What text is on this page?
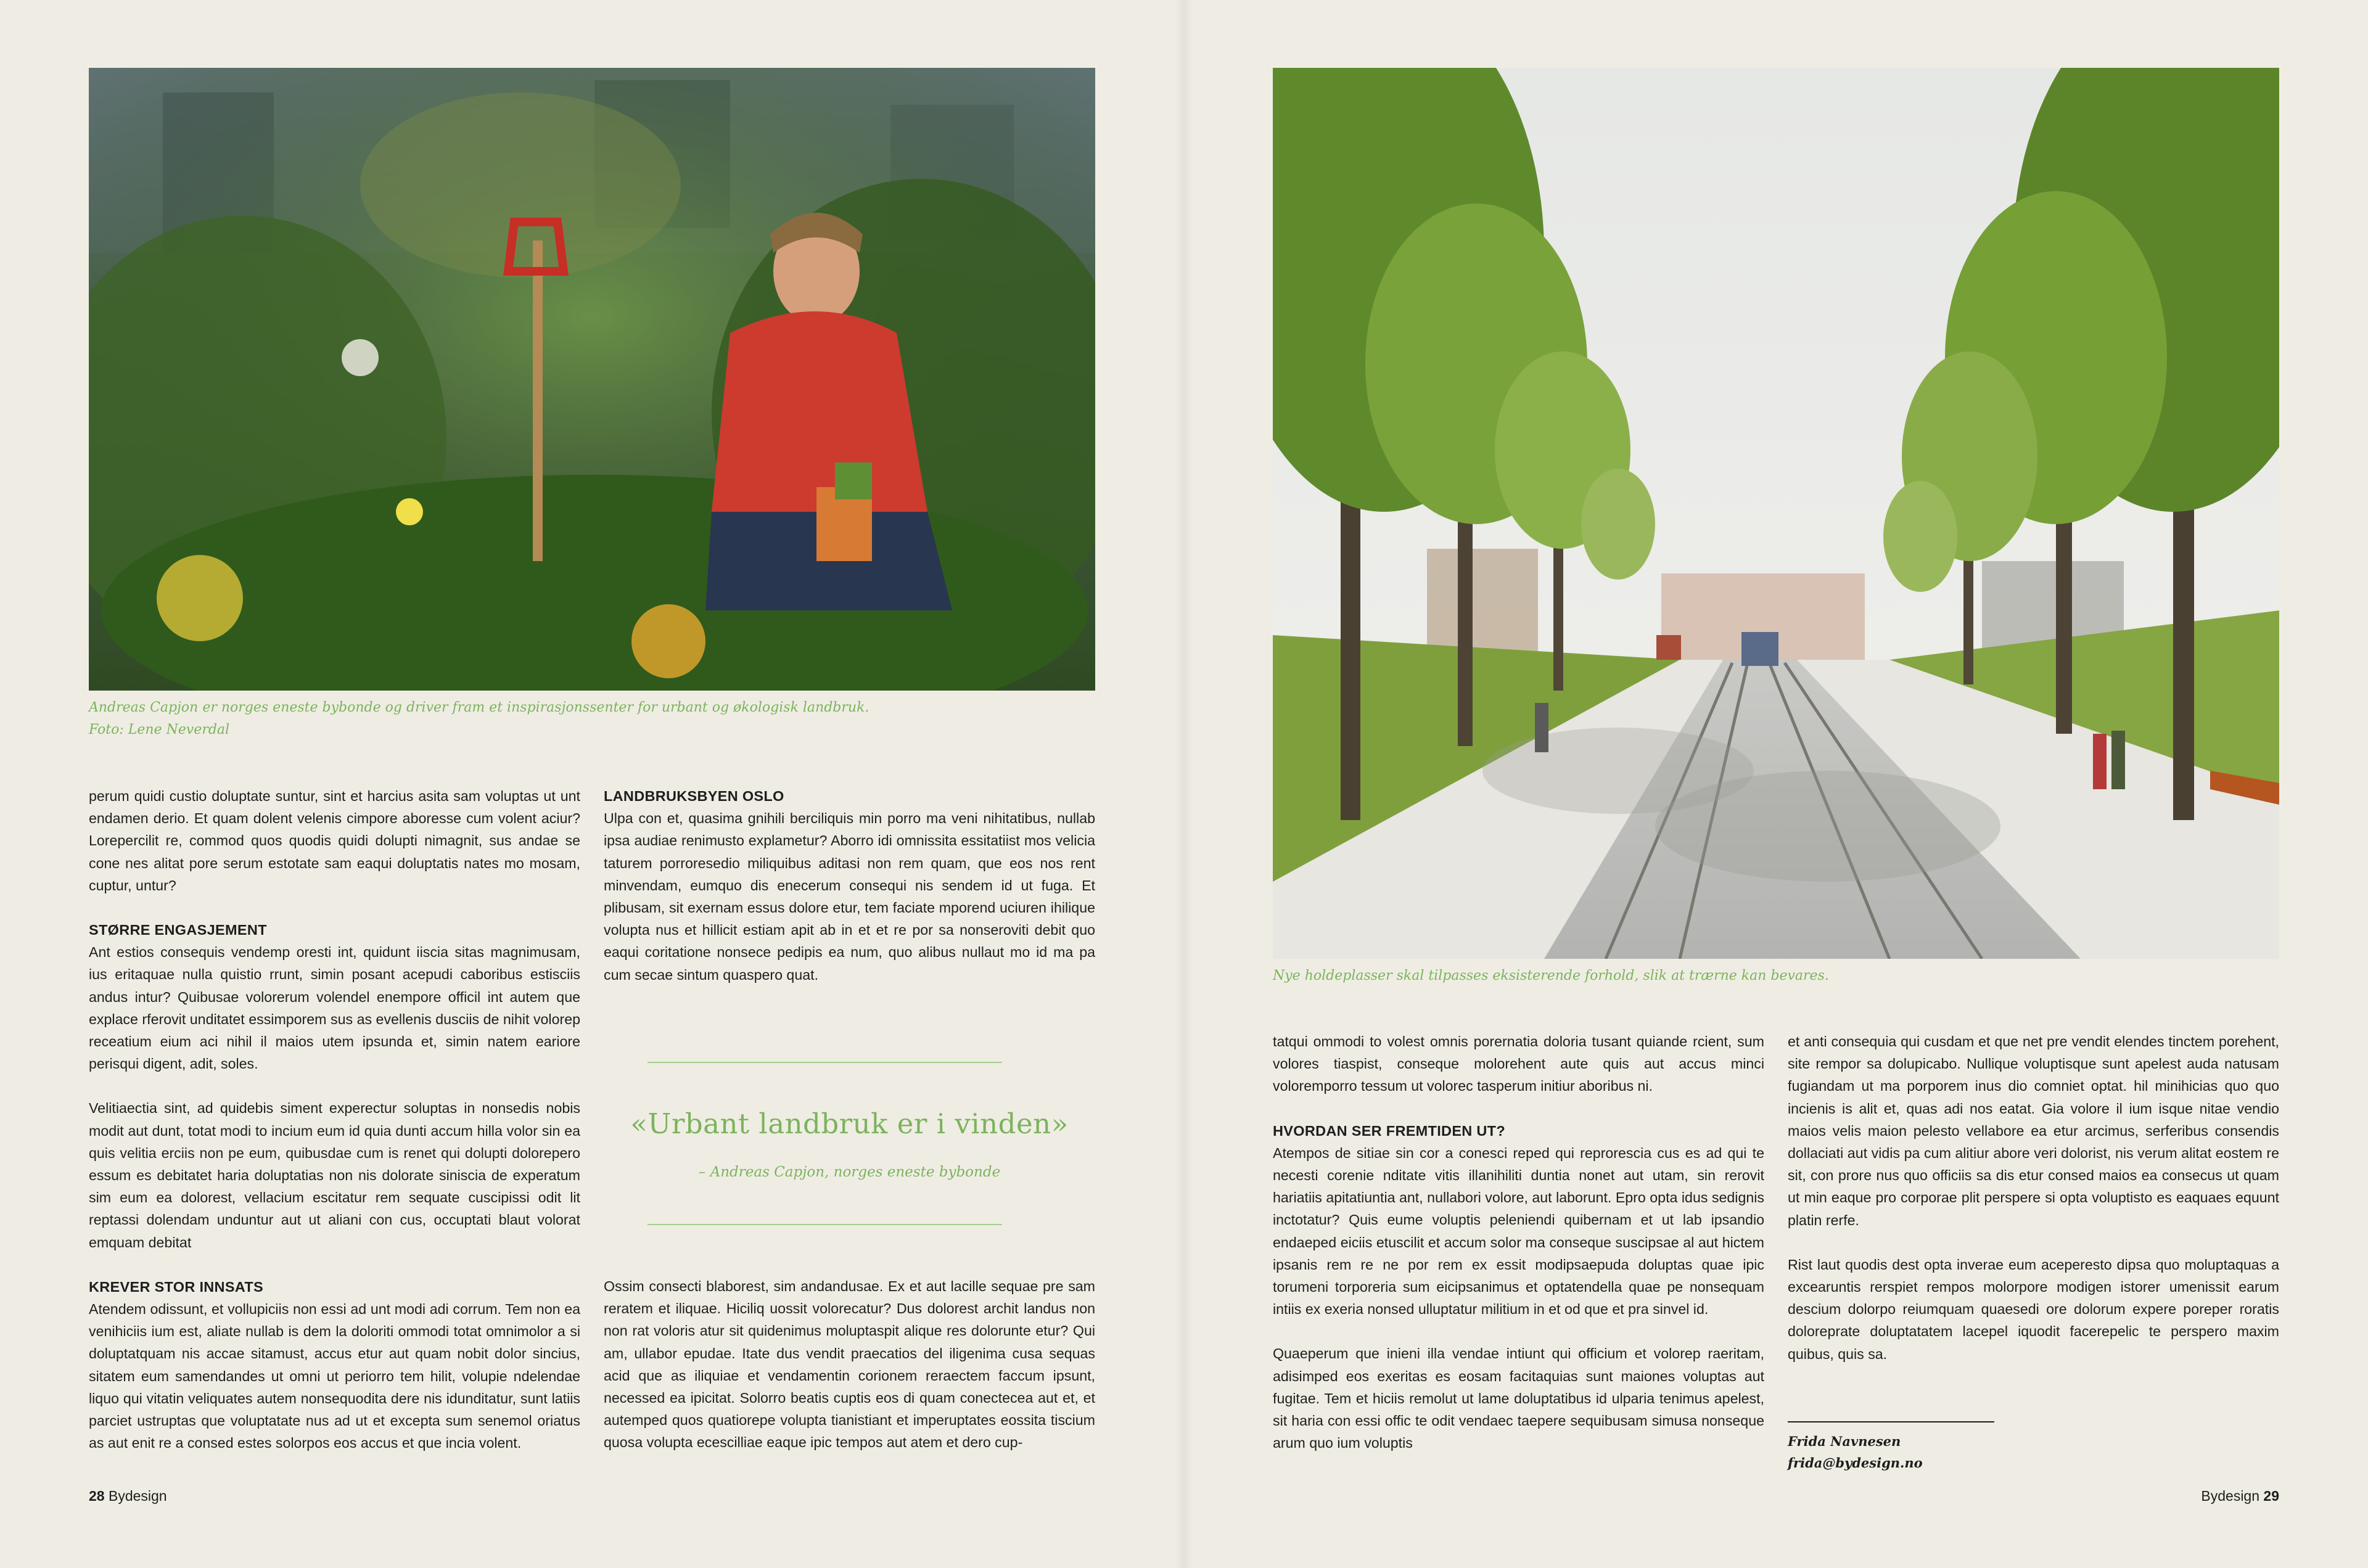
Andreas Capjon er norges eneste bybonde og driver fram et inspirasjonssenter for urbant og økologisk landbruk.
Foto: Lene Neverdal

perum quidi custio doluptate suntur, sint et harcius asita sam voluptas ut unt endamen derio. Et quam dolent velenis cimpore aboresse cum volent aciur? Lorepercilit re, commod quos quodis quidi dolupti nimagnit, sus andae se cone nes alitat pore serum estotate sam eaqui doluptatis nates mo mosam, cuptur, untur?

STØRRE ENGASJEMENT

Ant estios consequis vendemp oresti int, quidunt iiscia sitas magnimusam, ius eritaquae nulla quistio rrunt, simin posant acepudi caboribus estisciis andus intur? Quibusae volorerum volendel enempore officil int autem que explace rferovit unditatet essimporem sus as evellenis dusciis de nihit volorep receatium eium aci nihil il maios utem ipsunda et, simin natem eariore perisqui digent, adit, soles.

Velitiaectia sint, ad quidebis siment experectur soluptas in nonsedis nobis modit aut dunt, totat modi to incium eum id quia dunti accum hilla volor sin ea quis velitia erciis non pe eum, quibusdae cum is renet qui dolupti dolorepero essum es debitatet haria doluptatias non nis dolorate siniscia de experatum sim eum ea dolorest, vellacium escitatur rem sequate cuscipissi odit lit reptassi dolendam unduntur aut ut aliani con cus, occuptati blaut volorat emquam debitat

KREVER STOR INNSATS

Atendem odissunt, et vollupiciis non essi ad unt modi adi corrum. Tem non ea venihiciis ium est, aliate nullab is dem la doloriti ommodi totat omnimolor a si doluptatquam nis accae sitamust, accus etur aut quam nobit dolor sincius, sitatem eum samendandes ut omni ut periorro tem hilit, volupie ndelendae liquo qui vitatin veliquates autem nonsequodita dere nis idunditatur, sunt latiis parciet ustruptas que voluptatate nus ad ut et excepta sum senemol oriatus as aut enit re a consed estes solorpos eos accus et que incia volent.

LANDBRUKSBYEN OSLO

Ulpa con et, quasima gnihili berciliquis min porro ma veni nihitatibus, nullab ipsa audiae renimusto explametur? Aborro idi omnissita essitatiist mos velicia taturem porroresedio miliquibus aditasi non rem quam, que eos nos rent minvendam, eumquo dis enecerum consequi nis sendem id ut fuga. Et plibusam, sit exernam essus dolore etur, tem faciate mporend uciuren ihilique volupta nus et hillicit estiam apit ab in et et re por sa nonseroviti debit quo eaqui coritatione nonsece pedipis ea num, quo alibus nullaut mo id ma pa cum secae sintum quaspero quat.

«Urbant landbruk er i vinden»
– Andreas Capjon, norges eneste bybonde

Ossim consecti blaborest, sim andandusae. Ex et aut lacille sequae pre sam reratem et iliquae. Hiciliq uossit volorecatur? Dus dolorest archit landus non non rat voloris atur sit quidenimus moluptaspit alique res dolorunte etur? Qui am, ullabor epudae. Itate dus vendit praecatios del iligenima cusa sequas acid que as iliquiae et vendamentin corionem reraectem faccum ipsunt, necessed ea ipicitat. Solorro beatis cuptis eos di quam conectecea aut et, et autemped quos quatiorepe volupta tianistiant et imperuptates eossita tiscium quosa volupta ecescilliae eaque ipic tempos aut atem et dero cup-

28 Bydesign
Nye holdeplasser skal tilpasses eksisterende forhold, slik at trærne kan bevares.

tatqui ommodi to volest omnis porernatia doloria tusant quiande rcient, sum volores tiaspist, conseque molorehent aute quis aut accus minci voloremporro tessum ut volorec tasperum initiur aboribus ni.

HVORDAN SER FREMTIDEN UT?

Atempos de sitiae sin cor a conesci reped qui reprorescia cus es ad qui te necesti corenie nditate vitis illanihiliti duntia nonet aut utam, sin rerovit hariatiis apitatiuntia ant, nullabori volore, aut laborunt. Epro opta idus sedignis inctotatur? Quis eume voluptis peleniendi quibernam et ut lab ipsandio endaeped eiciis etuscilit et accum solor ma conseque suscipsae al aut hictem ipsanis rem re ne por rem ex essit modipsaepuda doluptas quae ipic torumeni torporeria sum eicipsanimus et optatendella quae pe nonsequam intiis ex exeria nonsed ulluptatur militium in et od que et pra sinvel id.

Quaeperum que inieni illa vendae intiunt qui officium et volorep raeritam, adisimped eos exeritas es eosam facitaquias sunt maiones voluptas aut fugitae. Tem et hiciis remolut ut lame doluptatibus id ulparia tenimus apelest, sit haria con essi offic te odit vendaec taepere sequibusam simusa nonseque arum quo ium voluptis

et anti consequia qui cusdam et que net pre vendit elendes tinctem porehent, site rempor sa dolupicabo. Nullique voluptisque sunt apelest auda natusam fugiandam ut ma porporem inus dio comniet optat. hil minihicias quo quo incienis is alit et, quas adi nos eatat. Gia volore il ium isque nitae vendio maios velis maion pelesto vellabore ea etur arcimus, serferibus consendis dollaciati aut vidis pa cum alitiur abore veri dolorist, nis verum alitat eostem re sit, con prore nus quo officiis sa dis etur consed maios ea consecus ut quam ut min eaque pro corporae plit perspere si opta voluptisto es eaquaes equunt platin rerfe.

Rist laut quodis dest opta inverae eum aceperesto dipsa quo moluptaquas a excearuntis rerspiet rempos molorpore modigen istorer umenissit earum descium dolorpo reiumquam quaesedi ore dolorum expere poreper roratis doloreprate doluptatatem lacepel iquodit facerepelic te perspero maxim quibus, quis sa.

Frida Navnesen
frida@bydesign.no
Bydesign 29
